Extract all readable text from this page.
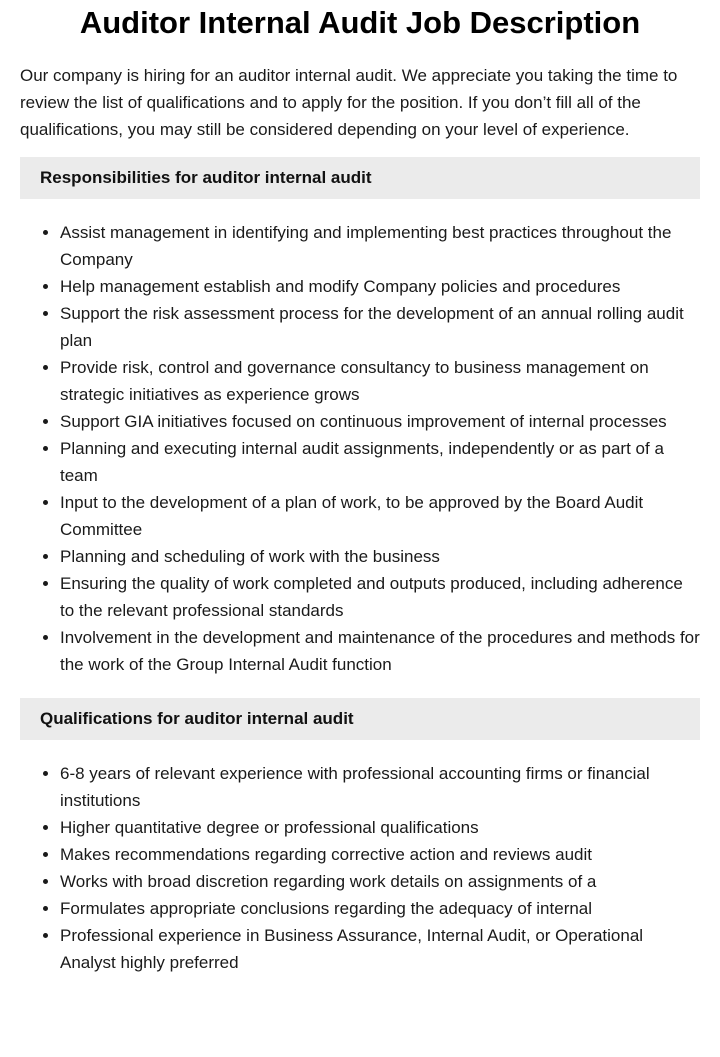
Auditor Internal Audit Job Description

Our company is hiring for an auditor internal audit. We appreciate you taking the time to review the list of qualifications and to apply for the position. If you don’t fill all of the qualifications, you may still be considered depending on your level of experience.

Responsibilities for auditor internal audit
• Assist management in identifying and implementing best practices throughout the Company
• Help management establish and modify Company policies and procedures
• Support the risk assessment process for the development of an annual rolling audit plan
• Provide risk, control and governance consultancy to business management on strategic initiatives as experience grows
• Support GIA initiatives focused on continuous improvement of internal processes
• Planning and executing internal audit assignments, independently or as part of a team
• Input to the development of a plan of work, to be approved by the Board Audit Committee
• Planning and scheduling of work with the business
• Ensuring the quality of work completed and outputs produced, including adherence to the relevant professional standards
• Involvement in the development and maintenance of the procedures and methods for the work of the Group Internal Audit function
Qualifications for auditor internal audit
• 6-8 years of relevant experience with professional accounting firms or financial institutions
• Higher quantitative degree or professional qualifications
• Makes recommendations regarding corrective action and reviews audit
• Works with broad discretion regarding work details on assignments of a
• Formulates appropriate conclusions regarding the adequacy of internal
• Professional experience in Business Assurance, Internal Audit, or Operational Analyst highly preferred
